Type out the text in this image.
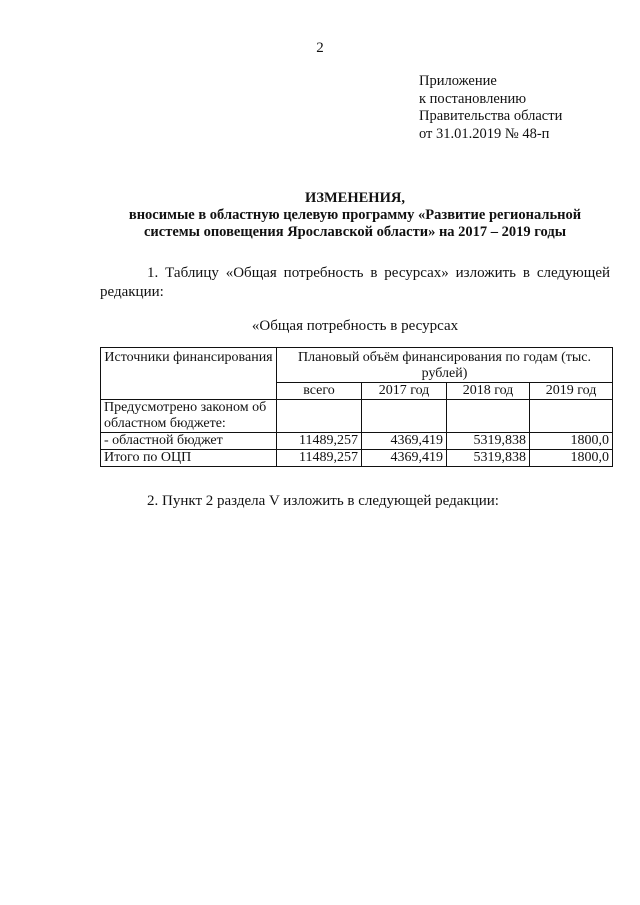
2
Приложение
к постановлению
Правительства области
от 31.01.2019 № 48-п
ИЗМЕНЕНИЯ,
вносимые в областную целевую программу «Развитие региональной
системы оповещения Ярославской области» на 2017 – 2019 годы
1. Таблицу «Общая потребность в ресурсах» изложить в следующей редакции:
«Общая потребность в ресурсах
Источники финансирования	Плановый объём финансирования по годам (тыс. рублей)			
	всего	2017 год	2018 год	2019 год
Предусмотрено законом об областном бюджете:				
- областной бюджет	11489,257	4369,419	5319,838	1800,0
Итого по ОЦП	11489,257	4369,419	5319,838	1800,0
2. Пункт 2 раздела V изложить в следующей редакции:
